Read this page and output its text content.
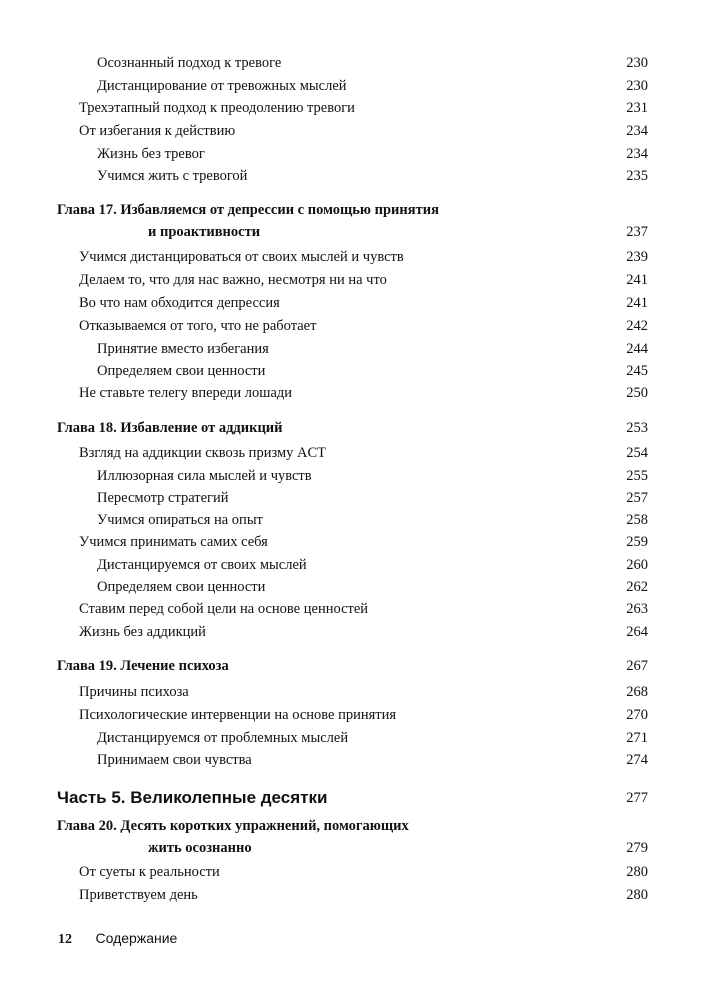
Осознанный подход к тревоге	230
Дистанцирование от тревожных мыслей	230
Трехэтапный подход к преодолению тревоги	231
От избегания к действию	234
Жизнь без тревог	234
Учимся жить с тревогой	235
Глава 17. Избавляемся от депрессии с помощью принятия
и проактивности	237
Учимся дистанцироваться от своих мыслей и чувств	239
Делаем то, что для нас важно, несмотря ни на что	241
Во что нам обходится депрессия	241
Отказываемся от того, что не работает	242
Принятие вместо избегания	244
Определяем свои ценности	245
Не ставьте телегу впереди лошади	250
Глава 18. Избавление от аддикций	253
Взгляд на аддикции сквозь призму ACT	254
Иллюзорная сила мыслей и чувств	255
Пересмотр стратегий	257
Учимся опираться на опыт	258
Учимся принимать самих себя	259
Дистанцируемся от своих мыслей	260
Определяем свои ценности	262
Ставим перед собой цели на основе ценностей	263
Жизнь без аддикций	264
Глава 19. Лечение психоза	267
Причины психоза	268
Психологические интервенции на основе принятия	270
Дистанцируемся от проблемных мыслей	271
Принимаем свои чувства	274
Часть 5. Великолепные десятки	277
Глава 20. Десять коротких упражнений, помогающих
жить осознанно	279
От суеты к реальности	280
Приветствуем день	280
12 Содержание
